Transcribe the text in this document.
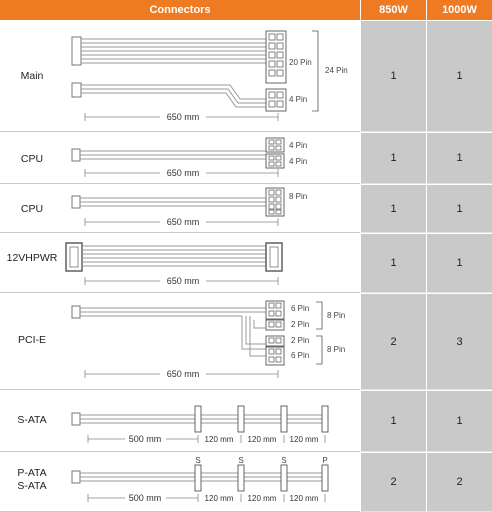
Connectors	850W	1000W
Main
20 Pin
4 Pin
24 Pin
650 mm
1	1
CPU
4 Pin
4 Pin
650 mm
1	1
CPU
8 Pin
650 mm
1	1
12VHPWR
650 mm
1	1
PCI-E
6 Pin
2 Pin
8 Pin
2 Pin
6 Pin
8 Pin
650 mm
2	3
S-ATA
500 mm	120 mm 120 mm 120 mm
1	1
P-ATA
S-ATA
S	S	S	P
500 mm	120 mm 120 mm 120 mm
2	2
